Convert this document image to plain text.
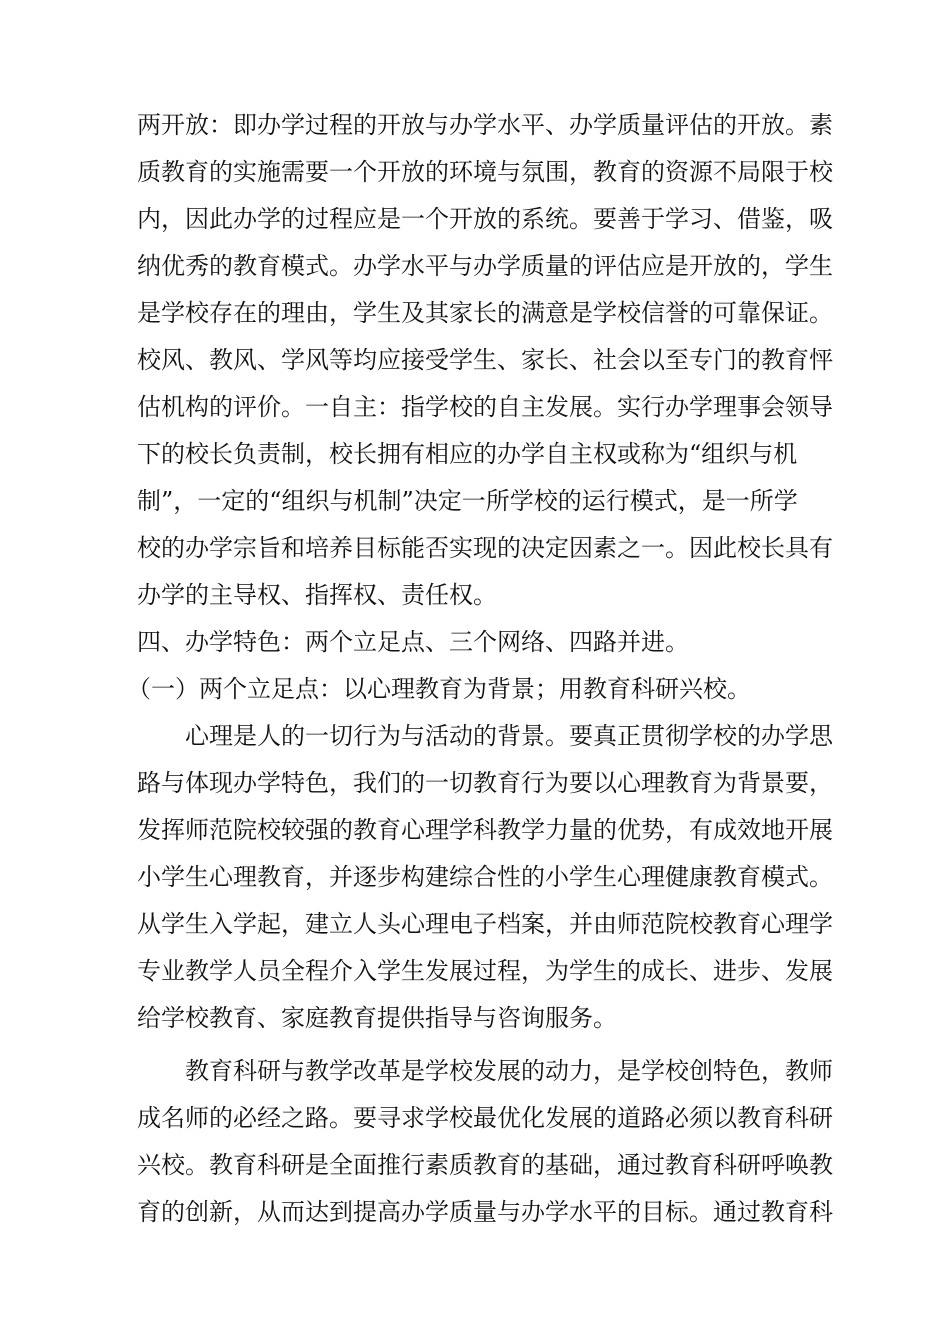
两开放：即办学过程的开放与办学水平、办学质量评估的开放。素
质教育的实施需要一个开放的环境与氛围，教育的资源不局限于校
内，因此办学的过程应是一个开放的系统。要善于学习、借鉴，吸
纳优秀的教育模式。办学水平与办学质量的评估应是开放的，学生
是学校存在的理由，学生及其家长的满意是学校信誉的可靠保证。
校风、教风、学风等均应接受学生、家长、社会以至专门的教育怦
估机构的评价。一自主：指学校的自主发展。实行办学理事会领导
下的校长负责制，校长拥有相应的办学自主权或称为“组织与机
制”，一定的“组织与机制”决定一所学校的运行模式，是一所学
校的办学宗旨和培养目标能否实现的决定因素之一。因此校长具有
办学的主导权、指挥权、责任权。
四、办学特色：两个立足点、三个网络、四路并进。
（一）两个立足点：以心理教育为背景；用教育科研兴校。
心理是人的一切行为与活动的背景。要真正贯彻学校的办学思
路与体现办学特色，我们的一切教育行为要以心理教育为背景要，
发挥师范院校较强的教育心理学科教学力量的优势，有成效地开展
小学生心理教育，并逐步构建综合性的小学生心理健康教育模式。
从学生入学起，建立人头心理电子档案，并由师范院校教育心理学
专业教学人员全程介入学生发展过程，为学生的成长、进步、发展
给学校教育、家庭教育提供指导与咨询服务。
教育科研与教学改革是学校发展的动力，是学校创特色，教师
成名师的必经之路。要寻求学校最优化发展的道路必须以教育科研
兴校。教育科研是全面推行素质教育的基础，通过教育科研呼唤教
育的创新，从而达到提高办学质量与办学水平的目标。通过教育科
